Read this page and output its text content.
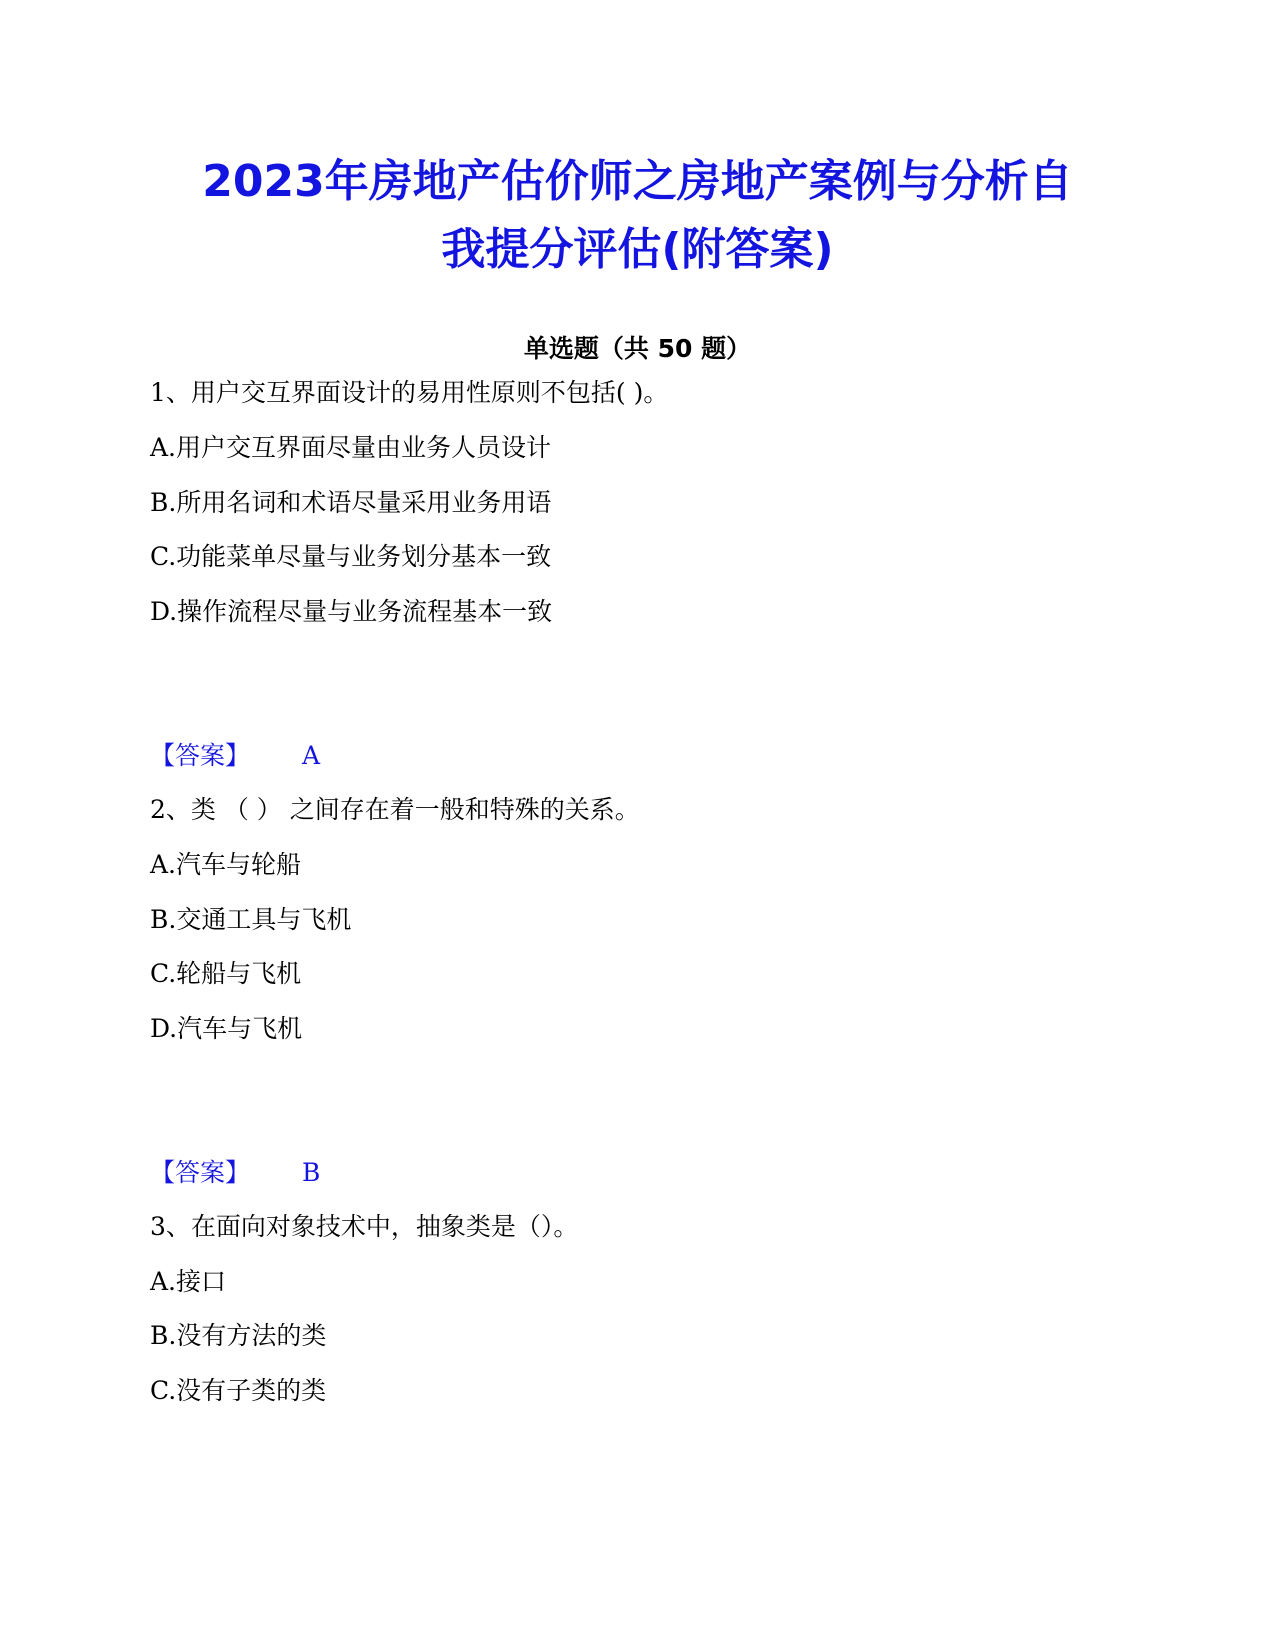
2023年房地产估价师之房地产案例与分析自
我提分评估(附答案)
单选题（共 50 题）
1、用户交互界面设计的易用性原则不包括( )。
A.用户交互界面尽量由业务人员设计
B.所用名词和术语尽量采用业务用语
C.功能菜单尽量与业务划分基本一致
D.操作流程尽量与业务流程基本一致
【答案】 A
2、类 （ ） 之间存在着一般和特殊的关系。
A.汽车与轮船
B.交通工具与飞机
C.轮船与飞机
D.汽车与飞机
【答案】 B
3、在面向对象技术中，抽象类是（）。
A.接口
B.没有方法的类
C.没有子类的类
